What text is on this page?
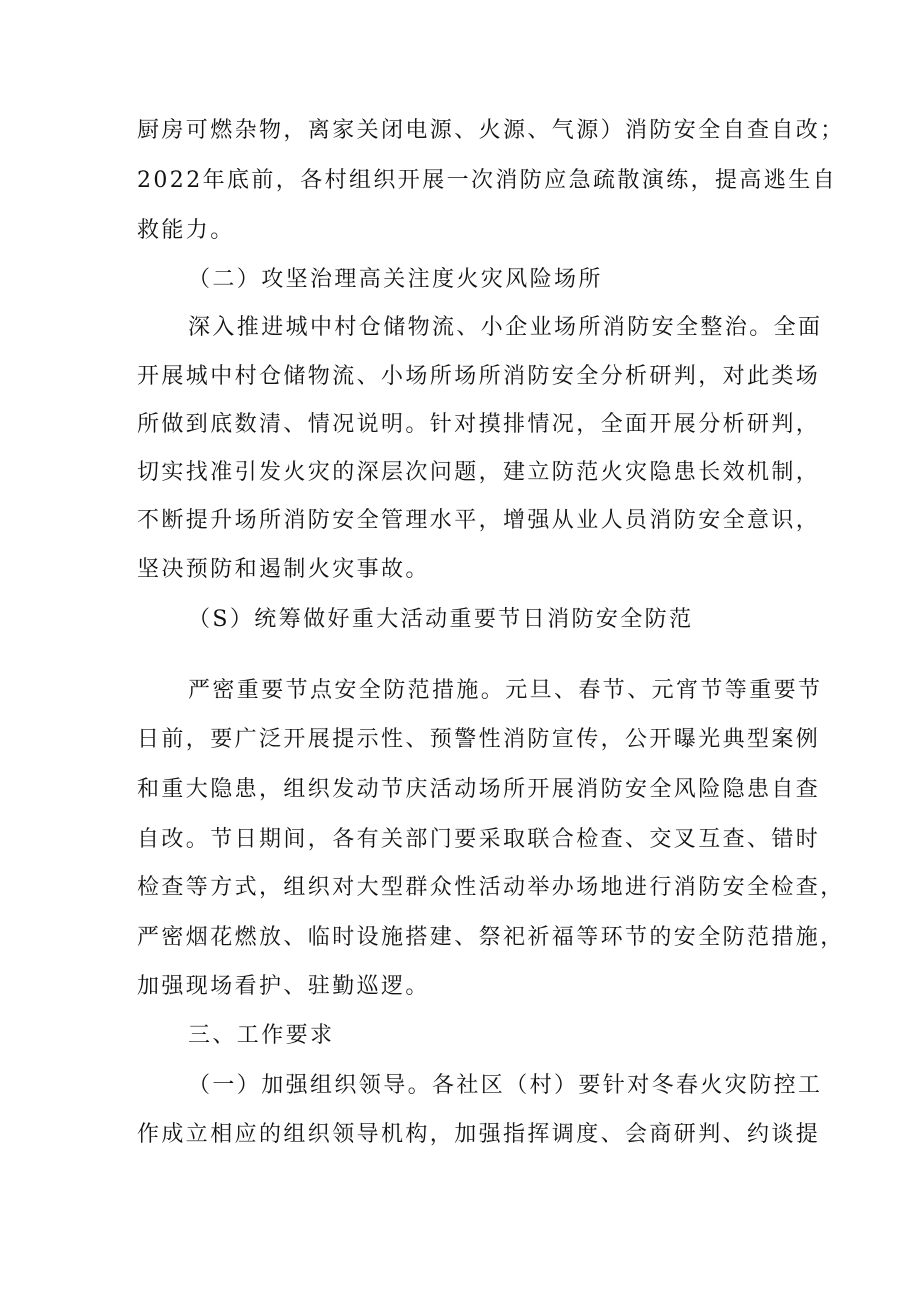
厨房可燃杂物，离家关闭电源、火源、气源）消防安全自查自改；
2022年底前，各村组织开展一次消防应急疏散演练，提高逃生自
救能力。
（二）攻坚治理高关注度火灾风险场所
深入推进城中村仓储物流、小企业场所消防安全整治。全面
开展城中村仓储物流、小场所场所消防安全分析研判，对此类场
所做到底数清、情况说明。针对摸排情况，全面开展分析研判，
切实找准引发火灾的深层次问题，建立防范火灾隐患长效机制，
不断提升场所消防安全管理水平，增强从业人员消防安全意识，
坚决预防和遏制火灾事故。
（S）统筹做好重大活动重要节日消防安全防范
严密重要节点安全防范措施。元旦、春节、元宵节等重要节
日前，要广泛开展提示性、预警性消防宣传，公开曝光典型案例
和重大隐患，组织发动节庆活动场所开展消防安全风险隐患自查
自改。节日期间，各有关部门要采取联合检查、交叉互查、错时
检查等方式，组织对大型群众性活动举办场地进行消防安全检查，
严密烟花燃放、临时设施搭建、祭祀祈福等环节的安全防范措施，
加强现场看护、驻勤巡逻。
三、工作要求
（一）加强组织领导。各社区（村）要针对冬春火灾防控工
作成立相应的组织领导机构，加强指挥调度、会商研判、约谈提
